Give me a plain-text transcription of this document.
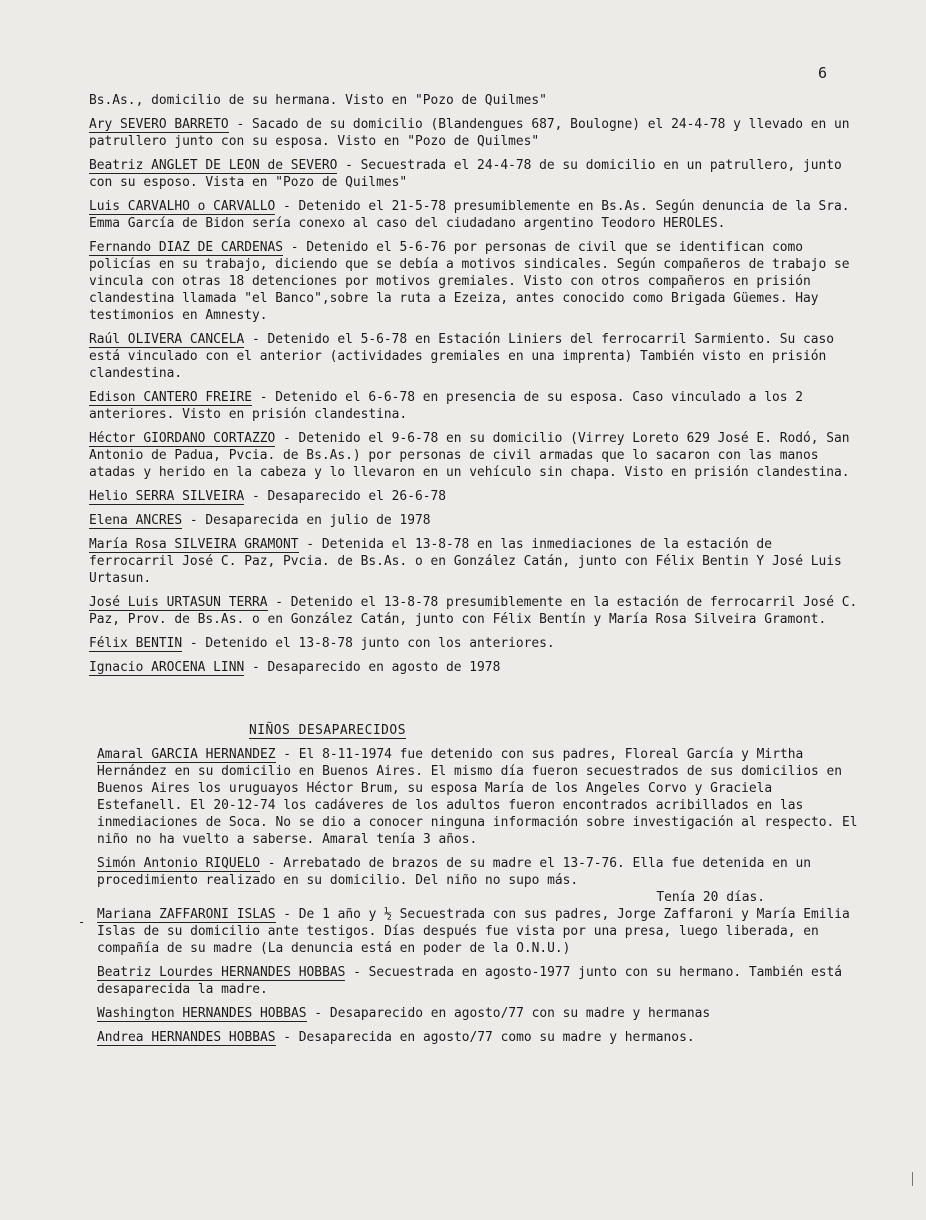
6
Bs.As., domicilio de su hermana. Visto en "Pozo de Quilmes"
Ary SEVERO BARRETO - Sacado de su domicilio (Blandengues 687, Boulogne) el 24-4-78 y llevado en un patrullero junto con su esposa. Visto en "Pozo de Quilmes"
Beatriz ANGLET DE LEON de SEVERO - Secuestrada el 24-4-78 de su domicilio en un patrullero, junto con su esposo. Vista en "Pozo de Quilmes"
Luis CARVALHO o CARVALLO - Detenido el 21-5-78 presumiblemente en Bs.As. Según denuncia de la Sra. Emma García de Bidon sería conexo al caso del ciudadano argentino Teodoro HEROLES.
Fernando DIAZ DE CARDENAS - Detenido el 5-6-76 por personas de civil que se identifican como policías en su trabajo, diciendo que se debía a motivos sindicales. Según compañeros de trabajo se vincula con otras 18 detenciones por motivos gremiales. Visto con otros compañeros en prisión clandestina llamada "el Banco",sobre la ruta a Ezeiza, antes conocido como Brigada Güemes. Hay testimonios en Amnesty.
Raúl OLIVERA CANCELA - Detenido el 5-6-78 en Estación Liniers del ferrocarril Sarmiento. Su caso está vinculado con el anterior (actividades gremiales en una imprenta) También visto en prisión clandestina.
Edison CANTERO FREIRE - Detenido el 6-6-78 en presencia de su esposa. Caso vinculado a los 2 anteriores. Visto en prisión clandestina.
Héctor GIORDANO CORTAZZO - Detenido el 9-6-78 en su domicilio (Virrey Loreto 629 José E. Rodó, San Antonio de Padua, Pvcia. de Bs.As.) por personas de civil armadas que lo sacaron con las manos atadas y herido en la cabeza y lo llevaron en un vehículo sin chapa. Visto en prisión clandestina.
Helio SERRA SILVEIRA - Desaparecido el 26-6-78
Elena ANCRES - Desaparecida en julio de 1978
María Rosa SILVEIRA GRAMONT - Detenida el 13-8-78 en las inmediaciones de la estación de ferrocarril José C. Paz, Pvcia. de Bs.As. o en González Catán, junto con Félix Bentin Y José Luis Urtasun.
José Luis URTASUN TERRA - Detenido el 13-8-78 presumiblemente en la estación de ferrocarril José C. Paz, Prov. de Bs.As. o en González Catán, junto con Félix Bentín y María Rosa Silveira Gramont.
Félix BENTIN - Detenido el 13-8-78 junto con los anteriores.
Ignacio AROCENA LINN - Desaparecido en agosto de 1978
NIÑOS DESAPARECIDOS
Amaral GARCIA HERNANDEZ - El 8-11-1974 fue detenido con sus padres, Floreal García y Mirtha Hernández en su domicilio en Buenos Aires. El mismo día fueron secuestrados de sus domicilios en Buenos Aires los uruguayos Héctor Brum, su esposa María de los Angeles Corvo y Graciela Estefanell. El 20-12-74 los cadáveres de los adultos fueron encontrados acribillados en las inmediaciones de Soca. No se dio a conocer ninguna información sobre investigación al respecto. El niño no ha vuelto a saberse. Amaral tenía 3 años.
Simón Antonio RIQUELO - Arrebatado de brazos de su madre el 13-7-76. Ella fue detenida en un procedimiento realizado en su domicilio. Del niño no supo más.
Tenía 20 días.
Mariana ZAFFARONI ISLAS - De 1 año y ½ Secuestrada con sus padres, Jorge Zaffaroni y María Emilia Islas de su domicilio ante testigos. Días después fue vista por una presa, luego liberada, en compañía de su madre (La denuncia está en poder de la O.N.U.)
Beatriz Lourdes HERNANDES HOBBAS - Secuestrada en agosto-1977 junto con su hermano. También está desaparecida la madre.
Washington HERNANDES HOBBAS - Desaparecido en agosto/77 con su madre y hermanas
Andrea HERNANDES HOBBAS - Desaparecida en agosto/77 como su madre y hermanos.
-
